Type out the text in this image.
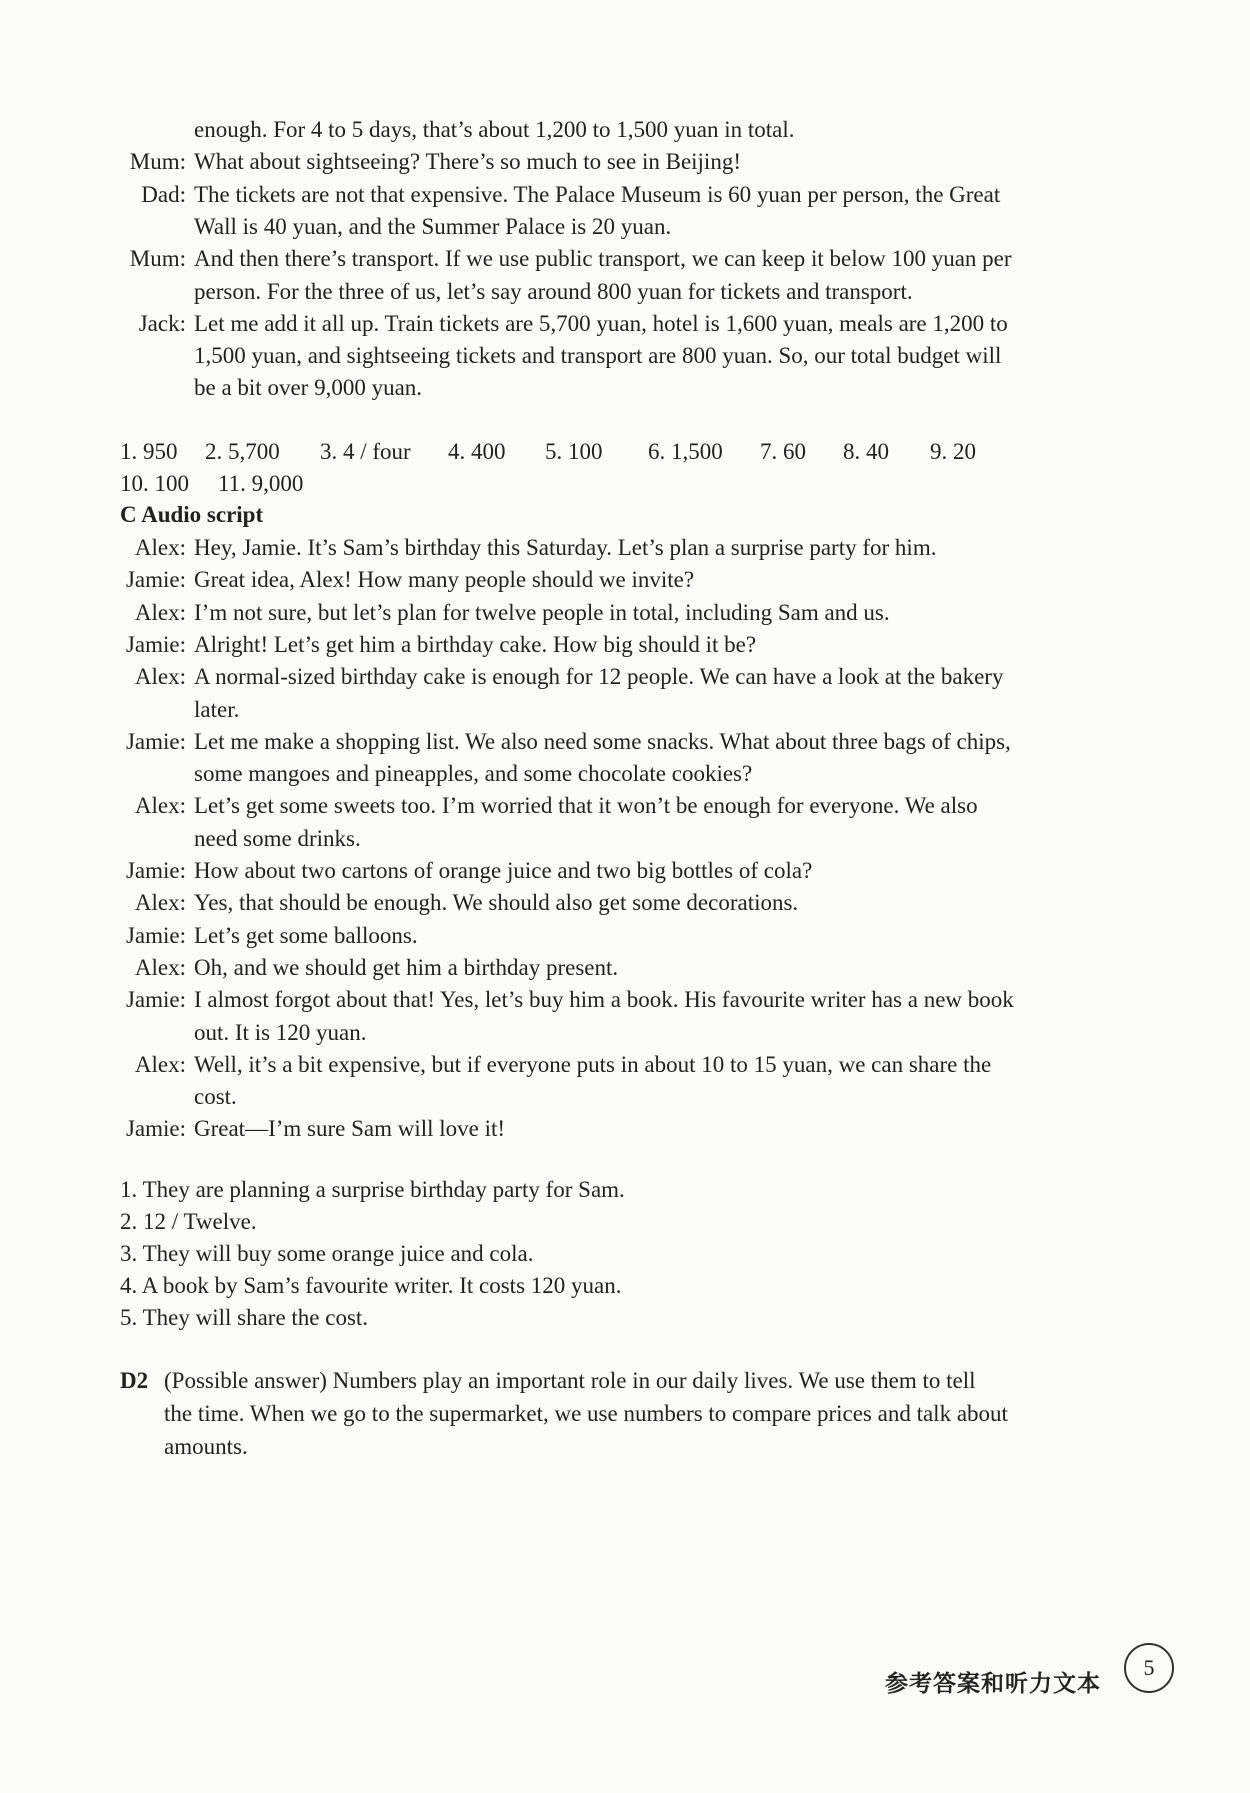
enough. For 4 to 5 days, that’s about 1,200 to 1,500 yuan in total.
Mum: What about sightseeing? There’s so much to see in Beijing!
Dad: The tickets are not that expensive. The Palace Museum is 60 yuan per person, the Great
Wall is 40 yuan, and the Summer Palace is 20 yuan.
Mum: And then there’s transport. If we use public transport, we can keep it below 100 yuan per
person. For the three of us, let’s say around 800 yuan for tickets and transport.
Jack: Let me add it all up. Train tickets are 5,700 yuan, hotel is 1,600 yuan, meals are 1,200 to
1,500 yuan, and sightseeing tickets and transport are 800 yuan. So, our total budget will
be a bit over 9,000 yuan.
1. 950 2. 5,700 3. 4 / four 4. 400 5. 100 6. 1,500 7. 60 8. 40 9. 20
10. 100 11. 9,000
C Audio script
Alex: Hey, Jamie. It’s Sam’s birthday this Saturday. Let’s plan a surprise party for him.
Jamie: Great idea, Alex! How many people should we invite?
Alex: I’m not sure, but let’s plan for twelve people in total, including Sam and us.
Jamie: Alright! Let’s get him a birthday cake. How big should it be?
Alex: A normal-sized birthday cake is enough for 12 people. We can have a look at the bakery
later.
Jamie: Let me make a shopping list. We also need some snacks. What about three bags of chips,
some mangoes and pineapples, and some chocolate cookies?
Alex: Let’s get some sweets too. I’m worried that it won’t be enough for everyone. We also
need some drinks.
Jamie: How about two cartons of orange juice and two big bottles of cola?
Alex: Yes, that should be enough. We should also get some decorations.
Jamie: Let’s get some balloons.
Alex: Oh, and we should get him a birthday present.
Jamie: I almost forgot about that! Yes, let’s buy him a book. His favourite writer has a new book
out. It is 120 yuan.
Alex: Well, it’s a bit expensive, but if everyone puts in about 10 to 15 yuan, we can share the
cost.
Jamie: Great—I’m sure Sam will love it!
1. They are planning a surprise birthday party for Sam.
2. 12 / Twelve.
3. They will buy some orange juice and cola.
4. A book by Sam’s favourite writer. It costs 120 yuan.
5. They will share the cost.
D2 (Possible answer) Numbers play an important role in our daily lives. We use them to tell
the time. When we go to the supermarket, we use numbers to compare prices and talk about
amounts.
参考答案和听力文本
5
